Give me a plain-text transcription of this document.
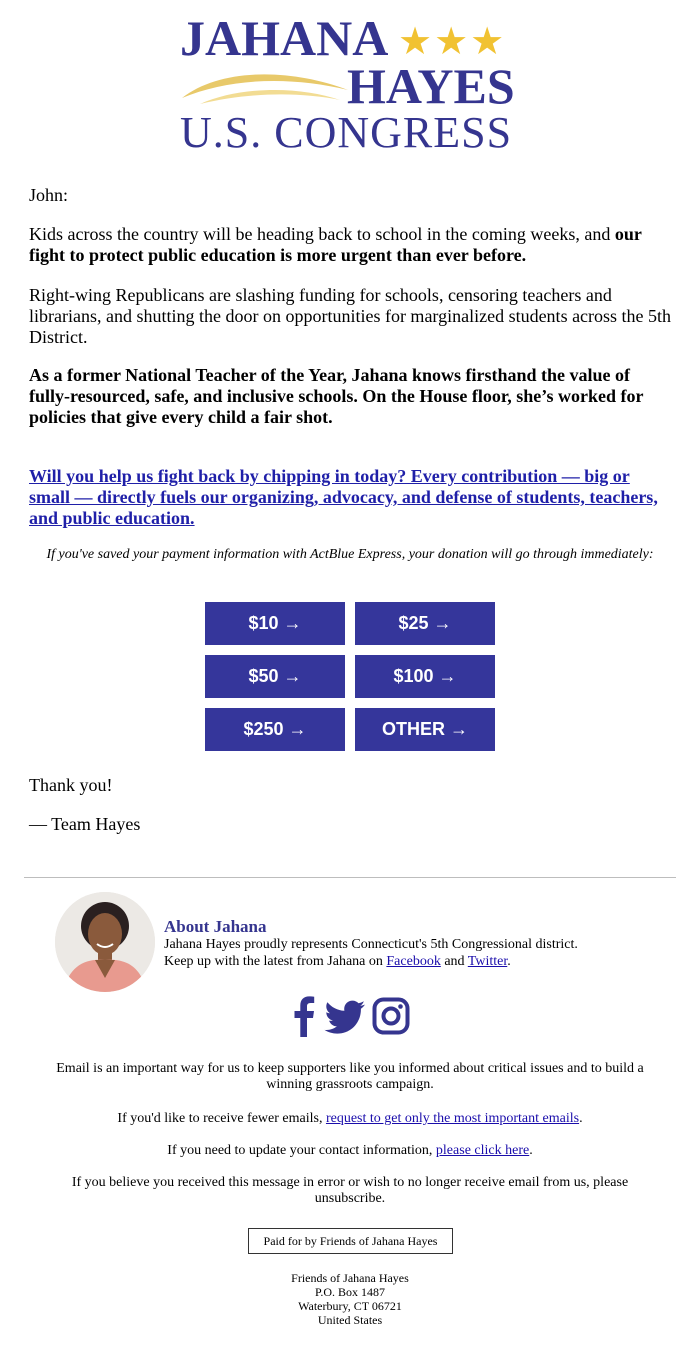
JAHANA ★★★
HAYES
U.S. CONGRESS
John:
Kids across the country will be heading back to school in the coming weeks, and our fight to protect public education is more urgent than ever before.
Right-wing Republicans are slashing funding for schools, censoring teachers and librarians, and shutting the door on opportunities for marginalized students across the 5th District.
As a former National Teacher of the Year, Jahana knows firsthand the value of fully-resourced, safe, and inclusive schools. On the House floor, she’s worked for policies that give every child a fair shot.
Will you help us fight back by chipping in today? Every contribution — big or small — directly fuels our organizing, advocacy, and defense of students, teachers, and public education.
If you've saved your payment information with ActBlue Express, your donation will go through immediately:
$10 →	$25 →
$50 →	$100 →
$250 →	OTHER →
Thank you!
— Team Hayes
About Jahana
Jahana Hayes proudly represents Connecticut's 5th Congressional district.
Keep up with the latest from Jahana on Facebook and Twitter.
Email is an important way for us to keep supporters like you informed about critical issues and to build a winning grassroots campaign.
If you'd like to receive fewer emails, request to get only the most important emails.
If you need to update your contact information, please click here.
If you believe you received this message in error or wish to no longer receive email from us, please unsubscribe.
Paid for by Friends of Jahana Hayes
Friends of Jahana Hayes
P.O. Box 1487
Waterbury, CT 06721
United States
